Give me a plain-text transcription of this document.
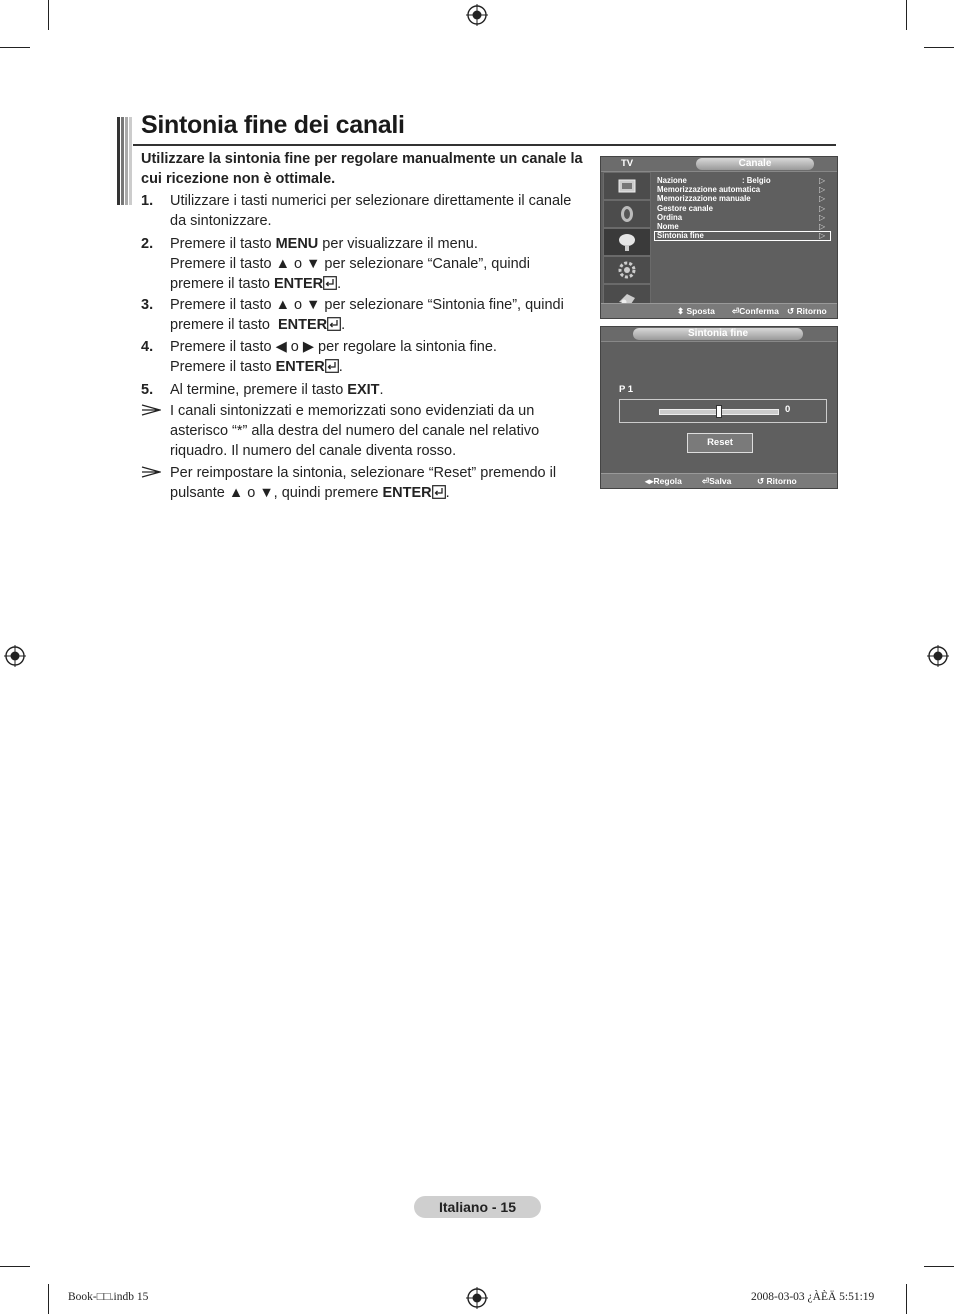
Sintonia fine dei canali
Utilizzare la sintonia fine per regolare manualmente un canale la cui ricezione non è ottimale.
1. Utilizzare i tasti numerici per selezionare direttamente il canale
da sintonizzare.
2. Premere il tasto MENU per visualizzare il menu.
Premere il tasto ▲ o ▼ per selezionare “Canale”, quindi
premere il tasto ENTER .
3. Premere il tasto ▲ o ▼ per selezionare “Sintonia fine”, quindi
premere il tasto  ENTER .
4. Premere il tasto ◀ o ▶ per regolare la sintonia fine.
Premere il tasto ENTER .
5. Al termine, premere il tasto EXIT.
I canali sintonizzati e memorizzati sono evidenziati da un
asterisco “*” alla destra del numero del canale nel relativo
riquadro. Il numero del canale diventa rosso.
Per reimpostare la sintonia, selezionare “Reset” premendo il
pulsante ▲ o ▼, quindi premere ENTER .
TV	Canale
Nazione	: Belgio	▷
Memorizzazione automatica	▷
Memorizzazione manuale	▷
Gestore canale	▷
Ordina	▷
Nome	▷
Sintonia fine	▷
⬍ Sposta ⏎Conferma ↺ Ritorno
Sintonia fine
P 1
0
Reset
◂▸Regola ⏎Salva	↺ Ritorno
Italiano - 15
Book-□□.indb 15	2008-03-03 ¿ÀÈÄ 5:51:19
